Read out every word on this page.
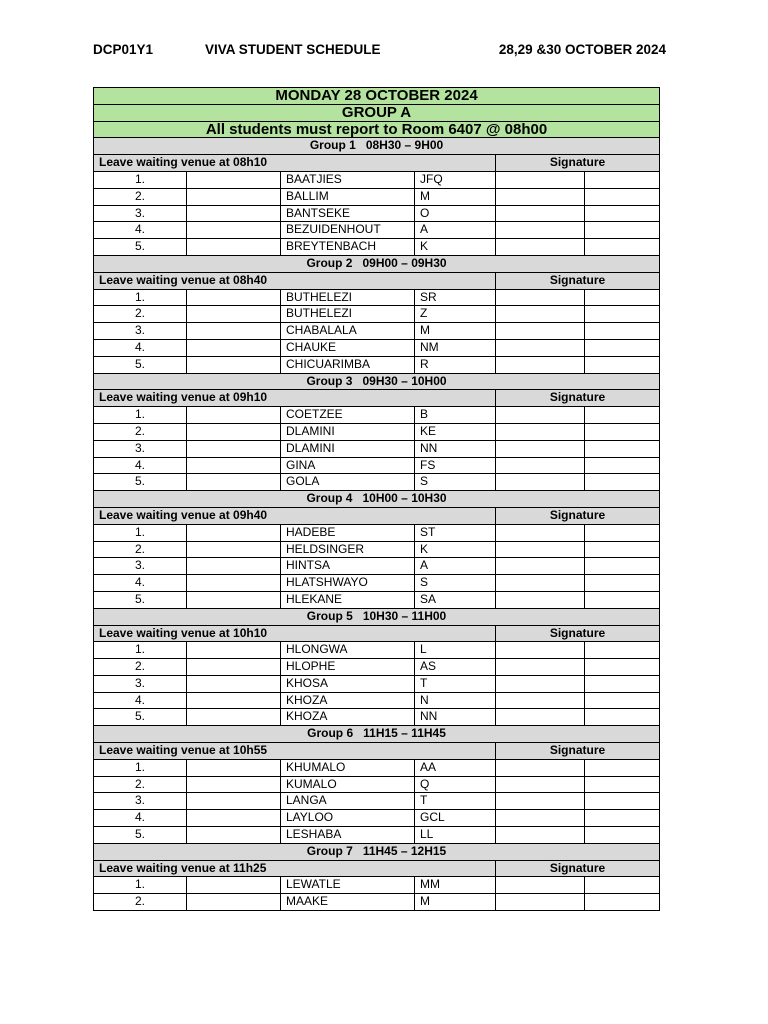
DCP01Y1	VIVA STUDENT SCHEDULE	28,29 &30 OCTOBER 2024
MONDAY 28 OCTOBER 2024					
GROUP A					
All students must report to Room 6407 @ 08h00					
Group 1 08H30 – 9H00					
Leave waiting venue at 08h10				Signature	
1.		BAATJIES	JFQ		
2.		BALLIM	M		
3.		BANTSEKE	O		
4.		BEZUIDENHOUT	A		
5.		BREYTENBACH	K		
Group 2 09H00 – 09H30					
Leave waiting venue at 08h40				Signature	
1.		BUTHELEZI	SR		
2.		BUTHELEZI	Z		
3.		CHABALALA	M		
4.		CHAUKE	NM		
5.		CHICUARIMBA	R		
Group 3 09H30 – 10H00					
Leave waiting venue at 09h10				Signature	
1.		COETZEE	B		
2.		DLAMINI	KE		
3.		DLAMINI	NN		
4.		GINA	FS		
5.		GOLA	S		
Group 4 10H00 – 10H30					
Leave waiting venue at 09h40				Signature	
1.		HADEBE	ST		
2.		HELDSINGER	K		
3.		HINTSA	A		
4.		HLATSHWAYO	S		
5.		HLEKANE	SA		
Group 5 10H30 – 11H00					
Leave waiting venue at 10h10				Signature	
1.		HLONGWA	L		
2.		HLOPHE	AS		
3.		KHOSA	T		
4.		KHOZA	N		
5.		KHOZA	NN		
Group 6 11H15 – 11H45					
Leave waiting venue at 10h55				Signature	
1.		KHUMALO	AA		
2.		KUMALO	Q		
3.		LANGA	T		
4.		LAYLOO	GCL		
5.		LESHABA	LL		
Group 7 11H45 – 12H15					
Leave waiting venue at 11h25				Signature	
1.		LEWATLE	MM		
2.		MAAKE	M		
